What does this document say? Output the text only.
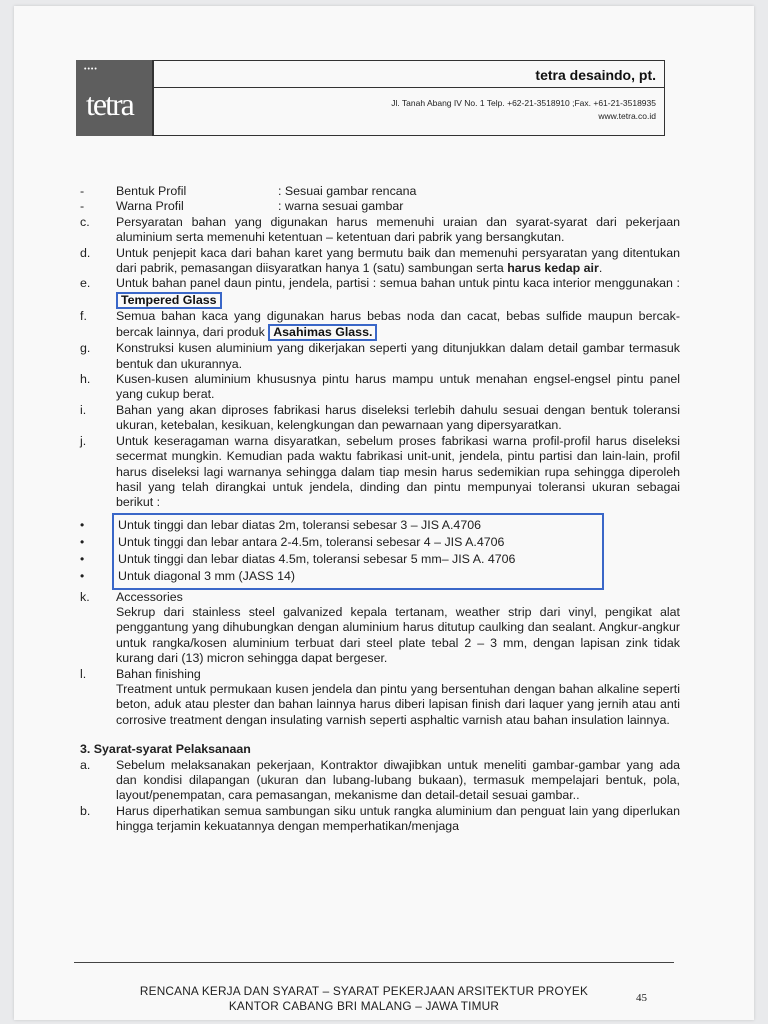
••••
tetra
tetra desaindo, pt.
Jl. Tanah Abang IV No. 1 Telp. +62-21-3518910 ;Fax. +61-21-3518935
www.tetra.co.id
-	Bentuk Profil	: Sesuai gambar rencana
-	Warna Profil	: warna sesuai gambar
c.	Persyaratan bahan yang digunakan harus memenuhi uraian dan syarat-syarat dari pekerjaan aluminium serta memenuhi ketentuan – ketentuan dari pabrik yang bersangkutan.
d.	Untuk penjepit kaca dari bahan karet yang bermutu baik dan memenuhi persyaratan yang ditentukan dari pabrik, pemasangan diisyaratkan hanya 1 (satu) sambungan serta harus kedap air.
e.	Untuk bahan panel daun pintu, jendela, partisi : semua bahan untuk pintu kaca interior menggunakan : Tempered Glass
f.	Semua bahan kaca yang digunakan harus bebas noda dan cacat, bebas sulfide maupun bercak-bercak lainnya, dari produk Asahimas Glass.
g.	Konstruksi kusen aluminium yang dikerjakan seperti yang ditunjukkan dalam detail gambar termasuk bentuk dan ukurannya.
h.	Kusen-kusen aluminium khususnya pintu harus mampu untuk menahan engsel-engsel pintu panel yang cukup berat.
i.	Bahan yang akan diproses fabrikasi harus diseleksi terlebih dahulu sesuai dengan bentuk toleransi ukuran, ketebalan, kesikuan, kelengkungan dan pewarnaan yang dipersyaratkan.
j.	Untuk keseragaman warna disyaratkan, sebelum proses fabrikasi warna profil-profil harus diseleksi secermat mungkin. Kemudian pada waktu fabrikasi unit-unit, jendela, pintu partisi dan lain-lain, profil harus diseleksi lagi warnanya sehingga dalam tiap mesin harus sedemikian rupa sehingga diperoleh hasil yang telah dirangkai untuk jendela, dinding dan pintu mempunyai toleransi ukuran sebagai berikut :
• Untuk tinggi dan lebar diatas 2m, toleransi sebesar 3 – JIS A.4706
• Untuk tinggi dan lebar antara 2-4.5m, toleransi sebesar 4 – JIS A.4706
• Untuk tinggi dan lebar diatas 4.5m, toleransi sebesar 5 mm– JIS A. 4706
• Untuk diagonal 3 mm (JASS 14)
k.	Accessories
Sekrup dari stainless steel galvanized kepala tertanam, weather strip dari vinyl, pengikat alat penggantung yang dihubungkan dengan aluminium harus ditutup caulking dan sealant. Angkur-angkur untuk rangka/kosen aluminium terbuat dari steel plate tebal 2 – 3 mm, dengan lapisan zink tidak kurang dari (13) micron sehingga dapat bergeser.
l.	Bahan finishing
Treatment untuk permukaan kusen jendela dan pintu yang bersentuhan dengan bahan alkaline seperti beton, aduk atau plester dan bahan lainnya harus diberi lapisan finish dari laquer yang jernih atau anti corrosive treatment dengan insulating varnish seperti asphaltic varnish atau bahan insulation lainnya.
3. Syarat-syarat Pelaksanaan
a.	Sebelum melaksanakan pekerjaan, Kontraktor diwajibkan untuk meneliti gambar-gambar yang ada dan kondisi dilapangan (ukuran dan lubang-lubang bukaan), termasuk mempelajari bentuk, pola, layout/penempatan, cara pemasangan, mekanisme dan detail-detail sesuai gambar..
b.	Harus diperhatikan semua sambungan siku untuk rangka aluminium dan penguat lain yang diperlukan hingga terjamin kekuatannya dengan memperhatikan/menjaga
RENCANA KERJA DAN SYARAT – SYARAT PEKERJAAN ARSITEKTUR PROYEK
KANTOR CABANG BRI MALANG – JAWA TIMUR
45
